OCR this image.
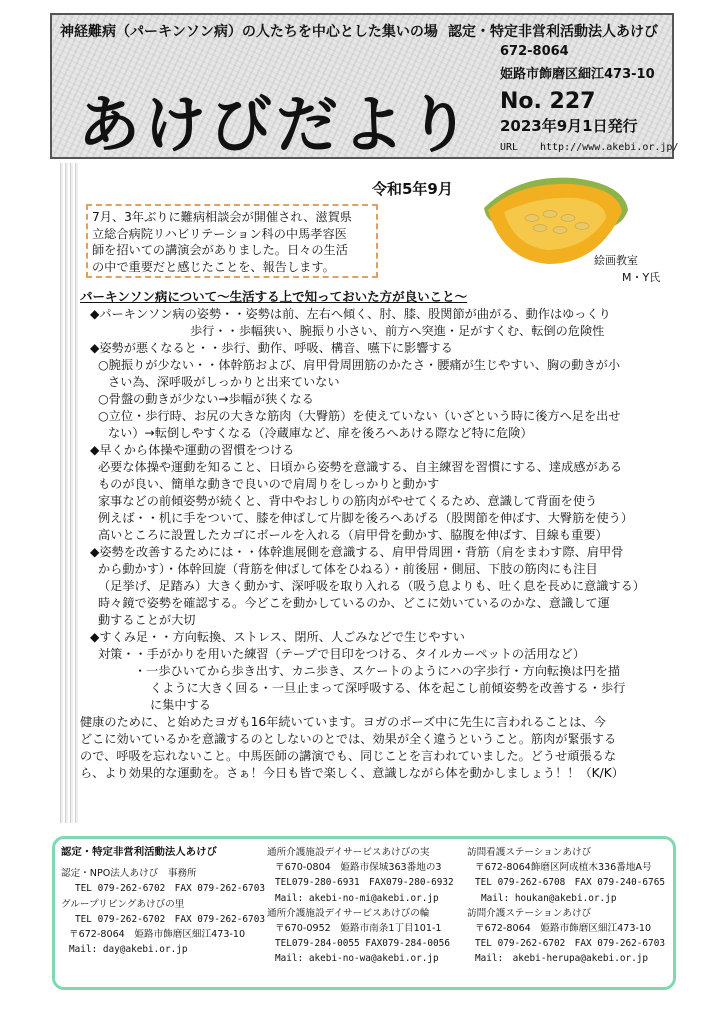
神経難病（パーキンソン病）の人たちを中心とした集いの場 認定・特定非営利活動法人あけび
672-8064
姫路市飾磨区細江473-10
あけびだより No. 227
2023年9月1日発行
URL http://www.akebi.or.jp/
令和5年9月
7月、3年ぶりに難病相談会が開催され、滋賀県
立総合病院リハビリテーション科の中馬孝容医
師を招いての講演会がありました。日々の生活
の中で重要だと感じたことを、報告します。	絵画教室
M・Y氏
パーキンソン病について～生活する上で知っておいた方が良いこと～
◆パーキンソン病の姿勢・・姿勢は前、左右へ傾く、肘、膝、股関節が曲がる、動作はゆっくり
歩行・・歩幅狭い、腕振り小さい、前方へ突進・足がすくむ、転倒の危険性
◆姿勢が悪くなると・・歩行、動作、呼吸、構音、嚥下に影響する
○腕振りが少ない・・体幹筋および、肩甲骨周囲筋のかたさ・腰痛が生じやすい、胸の動きが小
さい為、深呼吸がしっかりと出来ていない
○骨盤の動きが少ない→歩幅が狭くなる
○立位・歩行時、お尻の大きな筋肉（大臀筋）を使えていない（いざという時に後方へ足を出せ
ない）→転倒しやすくなる（冷蔵庫など、扉を後ろへあける際など特に危険）
◆早くから体操や運動の習慣をつける
必要な体操や運動を知ること、日頃から姿勢を意識する、自主練習を習慣にする、達成感がある
ものが良い、簡単な動きで良いので肩周りをしっかりと動かす
家事などの前傾姿勢が続くと、背中やおしりの筋肉がやせてくるため、意識して背面を使う
例えば・・机に手をついて、膝を伸ばして片脚を後ろへあげる（股関節を伸ばす、大臀筋を使う）
高いところに設置したカゴにボールを入れる（肩甲骨を動かす、脇腹を伸ばす、目線も重要）
◆姿勢を改善するためには・・体幹進展側を意識する、肩甲骨周囲・背筋（肩をまわす際、肩甲骨
から動かす）・体幹回旋（背筋を伸ばして体をひねる）・前後屈・側屈、下肢の筋肉にも注目
（足挙げ、足踏み）大きく動かす、深呼吸を取り入れる（吸う息よりも、吐く息を長めに意識する）
時々鏡で姿勢を確認する。今どこを動かしているのか、どこに効いているのかな、意識して運
動することが大切
◆すくみ足・・方向転換、ストレス、閉所、人ごみなどで生じやすい
対策・・手がかりを用いた練習（テープで目印をつける、タイルカーペットの活用など）
・一歩ひいてから歩き出す、カニ歩き、スケートのようにハの字歩行・方向転換は円を描
くように大きく回る・一旦止まって深呼吸する、体を起こし前傾姿勢を改善する・歩行
に集中する
健康のために、と始めたヨガも16年続いています。ヨガのポーズ中に先生に言われることは、今
どこに効いているかを意識するのとしないのとでは、効果が全く違うということ。筋肉が緊張する
ので、呼吸を忘れないこと。中馬医師の講演でも、同じことを言われていました。どうせ頑張るな
ら、より効果的な運動を。さぁ！今日も皆で楽しく、意識しながら体を動かしましょう！！（K/K）
認定・特定非営利活動法人あけび
認定・NPO法人あけび　事務所
TEL 079-262-6702　FAX 079-262-6703
グループリビングあけびの里
TEL 079-262-6702　FAX 079-262-6703
〒672-8064　姫路市飾磨区細江473-10
Mail: day@akebi.or.jp
通所介護施設デイサービスあけびの実
〒670-0804　姫路市保城363番地の3
TEL079-280-6931　FAX079-280-6932
Mail: akebi-no-mi@akebi.or.jp
通所介護施設デイサービスあけびの輪
〒670-0952　姫路市南条1丁目101-1
TEL079-284-0055 FAX079-284-0056
Mail: akebi-no-wa@akebi.or.jp
訪問看護ステーションあけび
〒672-8064飾磨区阿成植木336番地A号
TEL 079-262-6708　FAX 079-240-6765
Mail: houkan@akebi.or.jp
訪問介護ステーションあけび
〒672-8064　姫路市飾磨区細江473-10
TEL 079-262-6702　FAX 079-262-6703
Mail:　akebi-herupa@akebi.or.jp
